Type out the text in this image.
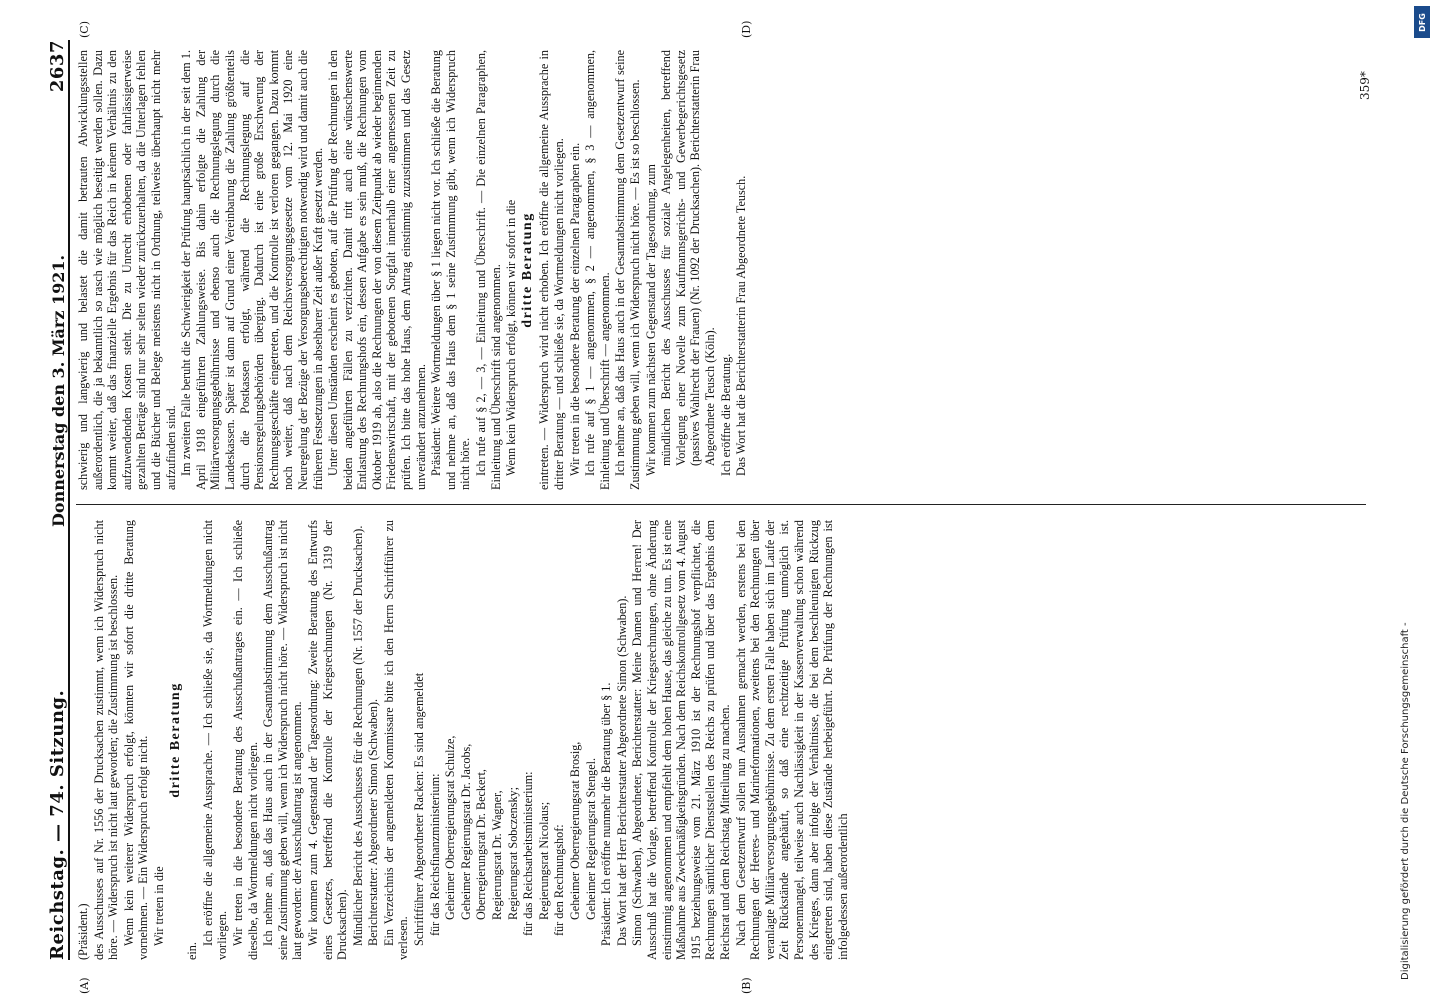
Reichstag. — 74. Sitzung.
Donnerstag den 3. März 1921.
2637
(A)	(B)
(C)	(D)

(Präsident.) des Ausschusses auf Nr. 1556 der Drucksachen zustimmt, wenn ich Widerspruch nicht höre. — Widerspruch ist nicht laut geworden; die Zustimmung ist beschlossen. Wenn kein weiterer Widerspruch erfolgt, könnten wir sofort die dritte Beratung vornehmen. — Ein Widerspruch erfolgt nicht. Wir treten in die

dritte Beratung

ein.

Ich eröffne die allgemeine Aussprache. — Ich schließe sie, da Wortmeldungen nicht vorliegen. Wir treten in die besondere Beratung des Ausschußantrages ein. — Ich schließe dieselbe, da Wortmeldungen nicht vorliegen. Ich nehme an, daß das Haus auch in der Gesamtabstimmung dem Ausschußantrag seine Zustimmung geben will, wenn ich Widerspruch nicht höre. — Widerspruch ist nicht laut geworden: der Ausschußantrag ist angenommen. Wir kommen zum 4. Gegenstand der Tagesordnung: Zweite Beratung des Entwurfs eines Gesetzes, betreffend die Kontrolle der Kriegsrechnungen (Nr. 1319 der Drucksachen). Mündlicher Bericht des Ausschusses für die Rechnungen (Nr. 1557 der Drucksachen). Berichterstatter: Abgeordneter Simon (Schwaben). Ein Verzeichnis der angemeldeten Kommissare bitte ich den Herrn Schriftführer zu verlesen. Schriftführer Abgeordneter Racken: Es sind angemeldet für das Reichsfinanzministerium: Geheimer Oberregierungsrat Schulze, Geheimer Regierungsrat Dr. Jacobs, Oberregierungsrat Dr. Beckert, Regierungsrat Dr. Wagner, Regierungsrat Sobczensky; für das Reichsarbeitsministerium: Regierungsrat Nicolaus; für den Rechnungshof: Geheimer Oberregierungsrat Brosig, Geheimer Regierungsrat Stengel. Präsident: Ich eröffne nunmehr die Beratung über § 1. Das Wort hat der Herr Berichterstatter Abgeordnete Simon (Schwaben). Simon (Schwaben), Abgeordneter, Berichterstatter: Meine Damen und Herren! Der Ausschuß hat die Vorlage, betreffend Kontrolle der Kriegsrechnungen, ohne Änderung einstimmig angenommen und empfiehlt dem hohen Hause, das gleiche zu tun. Es ist eine Maßnahme aus Zweckmäßigkeitsgründen. Nach dem Reichskontrollgesetz vom 4. August 1915 beziehungsweise vom 21. März 1910 ist der Rechnungshof verpflichtet, die Rechnungen sämtlicher Dienststellen des Reichs zu prüfen und über das Ergebnis dem Reichsrat und dem Reichstag Mitteilung zu machen. Nach dem Gesetzentwurf sollen nun Ausnahmen gemacht werden, erstens bei den Rechnungen der Heeres- und Marineformationen, zweitens bei den Rechnungen über veranlagte Militärversorgungsgebührnisse. Zu dem ersten Falle haben sich im Laufe der Zeit Rückstände angehäuft, so daß eine rechtzeitige Prüfung unmöglich ist. Personenmangel, teilweise auch Nachlässigkeit in der Kassenverwaltung schon während des Krieges, dann aber infolge der Verhältnisse, die bei dem beschleunigten Rückzug eingetreten sind, haben diese Zustände herbeigeführt. Die Prüfung der Rechnungen ist infolgedessen außerordentlich

schwierig und langwierig und belastet die damit betrauten Abwicklungsstellen außerordentlich, die ja bekanntlich so rasch wie möglich beseitigt werden sollen. Dazu kommt weiter, daß das finanzielle Ergebnis für das Reich in keinem Verhältnis zu den aufzuwendenden Kosten steht. Die zu Unrecht erhobenen oder fahrlässigerweise gezahlten Beträge sind nur sehr selten wieder zurückzuerhalten, da die Unterlagen fehlen und die Bücher und Belege meistens nicht in Ordnung, teilweise überhaupt nicht mehr aufzufinden sind. Im zweiten Falle beruht die Schwierigkeit der Prüfung hauptsächlich in der seit dem 1. April 1918 eingeführten Zahlungsweise. Bis dahin erfolgte die Zahlung der Militärversorgungsgebührnisse und ebenso auch die Rechnungslegung durch die Landeskassen. Später ist dann auf Grund einer Vereinbarung die Zahlung größtenteils durch die Postkassen erfolgt, während die Rechnungslegung auf die Pensionsregelungsbehörden überging. Dadurch ist eine große Erschwerung der Rechnungsgeschäfte eingetreten, und die Kontrolle ist verloren gegangen. Dazu kommt noch weiter, daß nach dem Reichsversorgungsgesetze vom 12. Mai 1920 eine Neuregelung der Bezüge der Versorgungsberechtigten notwendig wird und damit auch die früheren Festsetzungen in absehbarer Zeit außer Kraft gesetzt werden. Unter diesen Umständen erscheint es geboten, auf die Prüfung der Rechnungen in den beiden angeführten Fällen zu verzichten. Damit tritt auch eine wünschenswerte Entlastung des Rechnungshofs ein, dessen Aufgabe es sein muß, die Rechnungen vom Oktober 1919 ab, also die Rechnungen der von diesem Zeitpunkt ab wieder beginnenden Friedenswirtschaft, mit der gebotenen Sorgfalt innerhalb einer angemessenen Zeit zu prüfen. Ich bitte das hohe Haus, dem Antrag einstimmig zuzustimmen und das Gesetz unverändert anzunehmen. Präsident: Weitere Wortmeldungen über § 1 liegen nicht vor. Ich schließe die Beratung und nehme an, daß das Haus dem § 1 seine Zustimmung gibt, wenn ich Widerspruch nicht höre. Ich rufe auf § 2, — 3, — Einleitung und Überschrift. — Die einzelnen Paragraphen, Einleitung und Überschrift sind angenommen. Wenn kein Widerspruch erfolgt, können wir sofort in die dritte Beratung eintreten. — Widerspruch wird nicht erhoben. Ich eröffne die allgemeine Aussprache in dritter Beratung — und schließe sie, da Wortmeldungen nicht vorliegen. Wir treten in die besondere Beratung der einzelnen Paragraphen ein. Ich rufe auf § 1 — angenommen, § 2 — angenommen, § 3 — angenommen, Einleitung und Überschrift — angenommen. Ich nehme an, daß das Haus auch in der Gesamtabstimmung dem Gesetzentwurf seine Zustimmung geben will, wenn ich Widerspruch nicht höre. — Es ist so beschlossen. Wir kommen zum nächsten Gegenstand der Tagesordnung, zum mündlichen Bericht des Ausschusses für soziale Angelegenheiten, betreffend Vorlegung einer Novelle zum Kaufmannsgerichts- und Gewerbegerichtsgesetz (passives Wahlrecht der Frauen) (Nr. 1092 der Drucksachen). Berichterstatterin Frau Abgeordnete Teusch (Köln). Ich eröffne die Beratung. Das Wort hat die Berichterstatterin Frau Abgeordnete Teusch.

359*
DFG
Digitalisierung gefördert durch die Deutsche Forschungsgemeinschaft -
